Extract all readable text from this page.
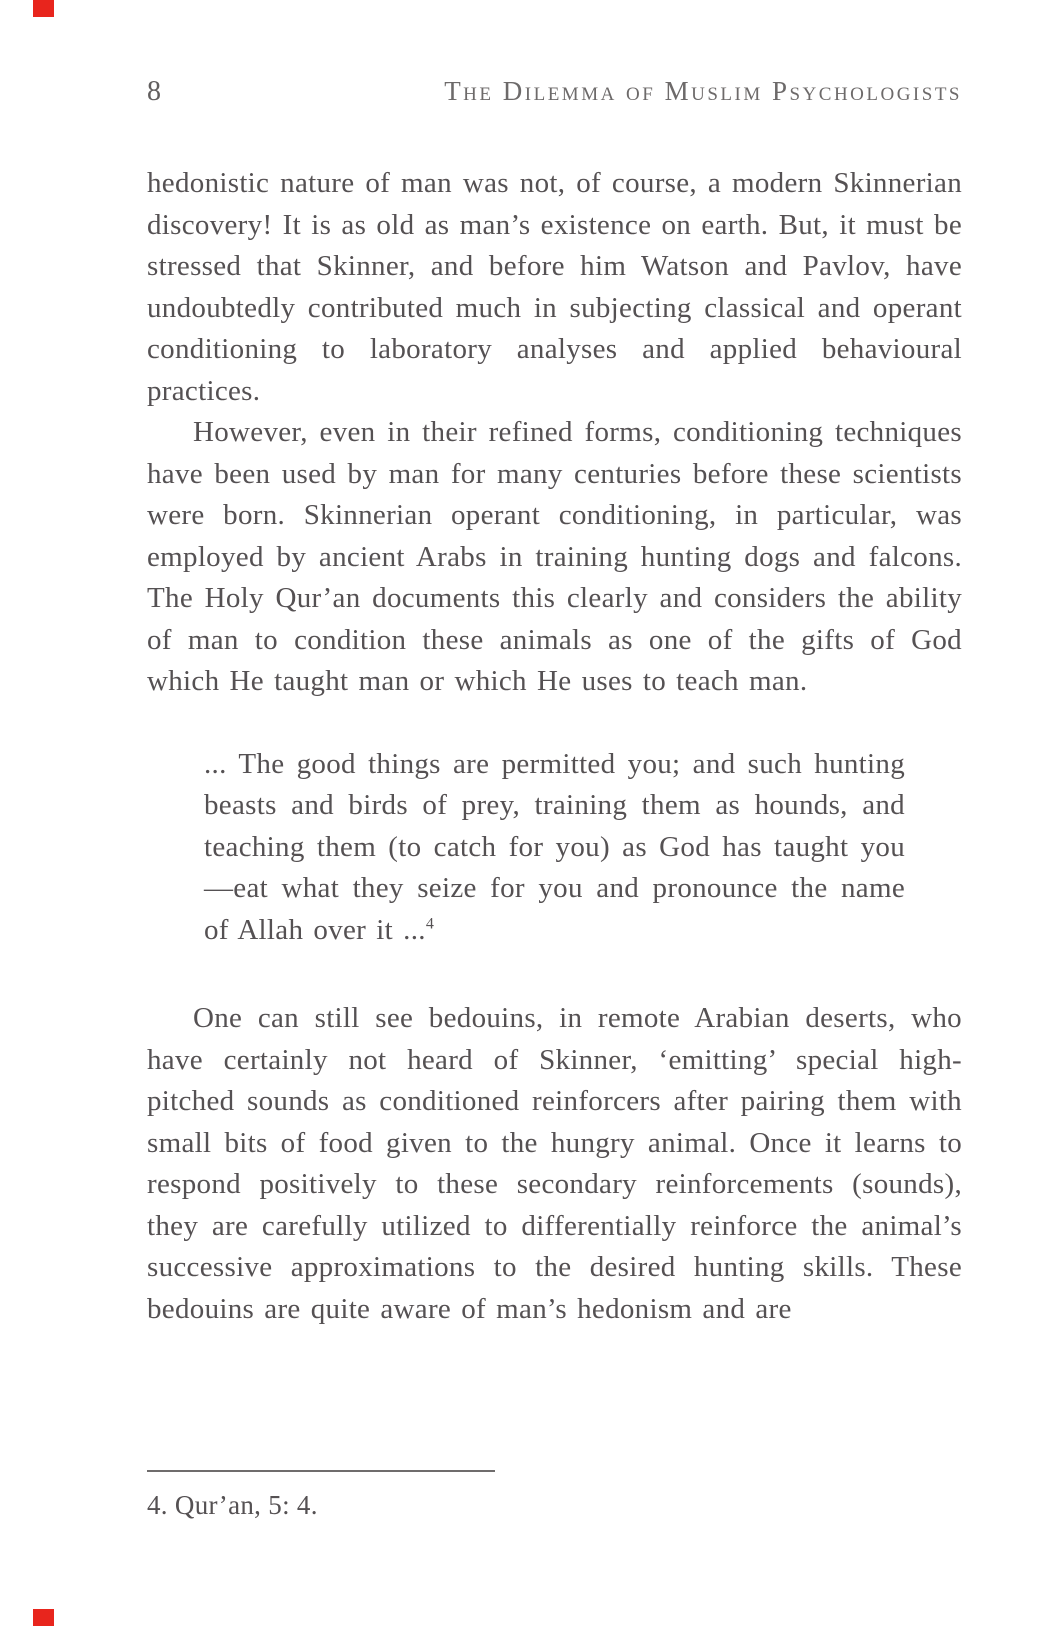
8	The Dilemma of Muslim Psychologists

hedonistic nature of man was not, of course, a modern Skinnerian discovery! It is as old as man’s existence on earth. But, it must be stressed that Skinner, and before him Watson and Pavlov, have undoubtedly contributed much in subjecting classical and operant conditioning to laboratory analyses and applied behavioural practices.

However, even in their refined forms, conditioning techniques have been used by man for many centuries before these scientists were born. Skinnerian operant conditioning, in particular, was employed by ancient Arabs in training hunting dogs and falcons. The Holy Qur’an documents this clearly and considers the ability of man to condition these animals as one of the gifts of God which He taught man or which He uses to teach man.

... The good things are permitted you; and such hunting beasts and birds of prey, training them as hounds, and teaching them (to catch for you) as God has taught you—eat what they seize for you and pronounce the name of Allah over it ...$^4$

One can still see bedouins, in remote Arabian deserts, who have certainly not heard of Skinner, ‘emitting’ special high-pitched sounds as conditioned reinforcers after pairing them with small bits of food given to the hungry animal. Once it learns to respond positively to these secondary reinforcements (sounds), they are carefully utilized to differentially reinforce the animal’s successive approximations to the desired hunting skills. These bedouins are quite aware of man’s hedonism and are

4. Qur’an, 5: 4.
